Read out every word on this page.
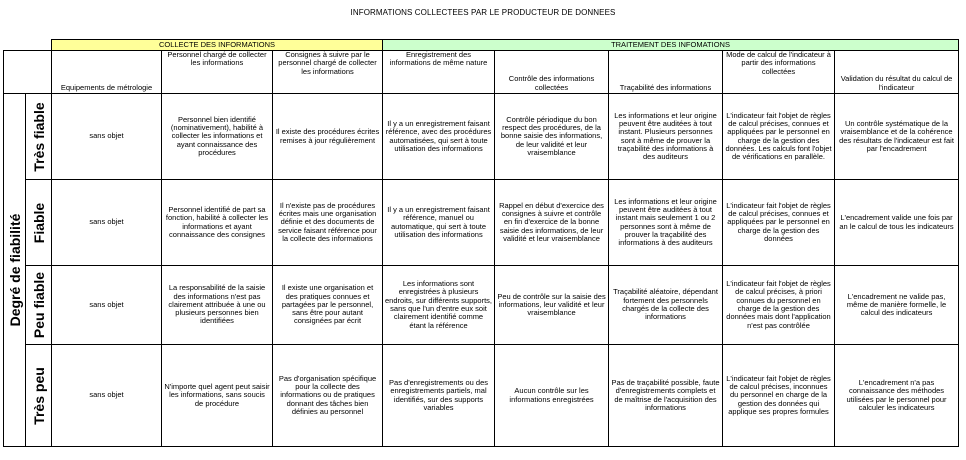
INFORMATIONS COLLECTEES PAR LE PRODUCTEUR DE DONNEES
		COLLECTE DES INFORMATIONS			TRAITEMENT DES INFOMATIONS				
		Equipements de métrologie	Personnel chargé de collecter les informations	Consignes à suivre par le personnel chargé de collecter les informations	Enregistrement des informations de même nature	Contrôle des informations collectées	Traçabilité des informations	Mode de calcul de l'indicateur à partir des informations collectées	Validation du résultat du calcul de l'indicateur

Degré de fiabilité	Très fiable	sans objet	Personnel bien identifié (nominativement), habilité à collecter les informations et ayant connaissance des procédures	Il existe des procédures écrites remises à jour régulièrement	Il y a un enregistrement faisant référence, avec des procédures automatisées, qui sert à toute utilisation des informations	Contrôle périodique du bon respect des procédures, de la bonne saisie des informations, de leur validité et leur vraisemblance	Les informations et leur origine peuvent être auditées à tout instant. Plusieurs personnes sont à même de prouver la traçabilité des informations à des auditeurs	L'indicateur fait l'objet de règles de calcul précises, connues et appliquées par le personnel en charge de la gestion des données. Les calculs font l'objet de vérifications en parallèle.	Un contrôle systématique de la vraisemblance et de la cohérence des résultats de l'indicateur est fait par l'encadrement

	Fiable	sans objet	Personnel identifié de part sa fonction, habilité à collecter les informations et ayant connaissance des consignes	Il n'existe pas de procédures écrites mais une organisation définie et des documents de service faisant référence pour la collecte des informations	Il y a un enregistrement faisant référence, manuel ou automatique, qui sert à toute utilisation des informations	Rappel en début d'exercice des consignes à suivre et contrôle en fin d'exercice de la bonne saisie des informations, de leur validité et leur vraisemblance	Les informations et leur origine peuvent être auditées à tout instant mais seulement 1 ou 2 personnes sont à même de prouver la traçabilité des informations à des auditeurs	L'indicateur fait l'objet de règles de calcul précises, connues et appliquées par le personnel en charge de la gestion des données	L'encadrement valide une fois par an le calcul de tous les indicateurs

	Peu fiable	sans objet	La responsabilité de la saisie des informations n'est pas clairement attribuée à une ou plusieurs personnes bien identifiées	Il existe une organisation et des pratiques connues et partagées par le personnel, sans être pour autant consignées par écrit	Les informations sont enregistrées à plusieurs endroits, sur différents supports, sans que l'un d'entre eux soit clairement identifié comme étant la référence	Peu de contrôle sur la saisie des informations, leur validité et leur vraisemblance	Traçabilité aléatoire, dépendant fortement des personnels chargés de la collecte des informations	L'indicateur fait l'objet de règles de calcul précises, à priori connues du personnel en charge de la gestion des données mais dont l'application n'est pas contrôlée	L'encadrement ne valide pas, même de manière formelle, le calcul des indicateurs

	Très peu	sans objet	N'importe quel agent peut saisir les informations, sans soucis de procédure	Pas d'organisation spécifique pour la collecte des informations ou de pratiques donnant des tâches bien définies au personnel	Pas d'enregistrements ou des enregistrements partiels, mal identifiés, sur des supports variables	Aucun contrôle sur les informations enregistrées	Pas de traçabilité possible, faute d'enregistrements complets et de maîtrise de l'acquisition des informations	L'indicateur fait l'objet de règles de calcul précises, inconnues du personnel en charge de la gestion des données qui applique ses propres formules	L'encadrement n'a pas connaissance des méthodes utilisées par le personnel pour calculer les indicateurs
